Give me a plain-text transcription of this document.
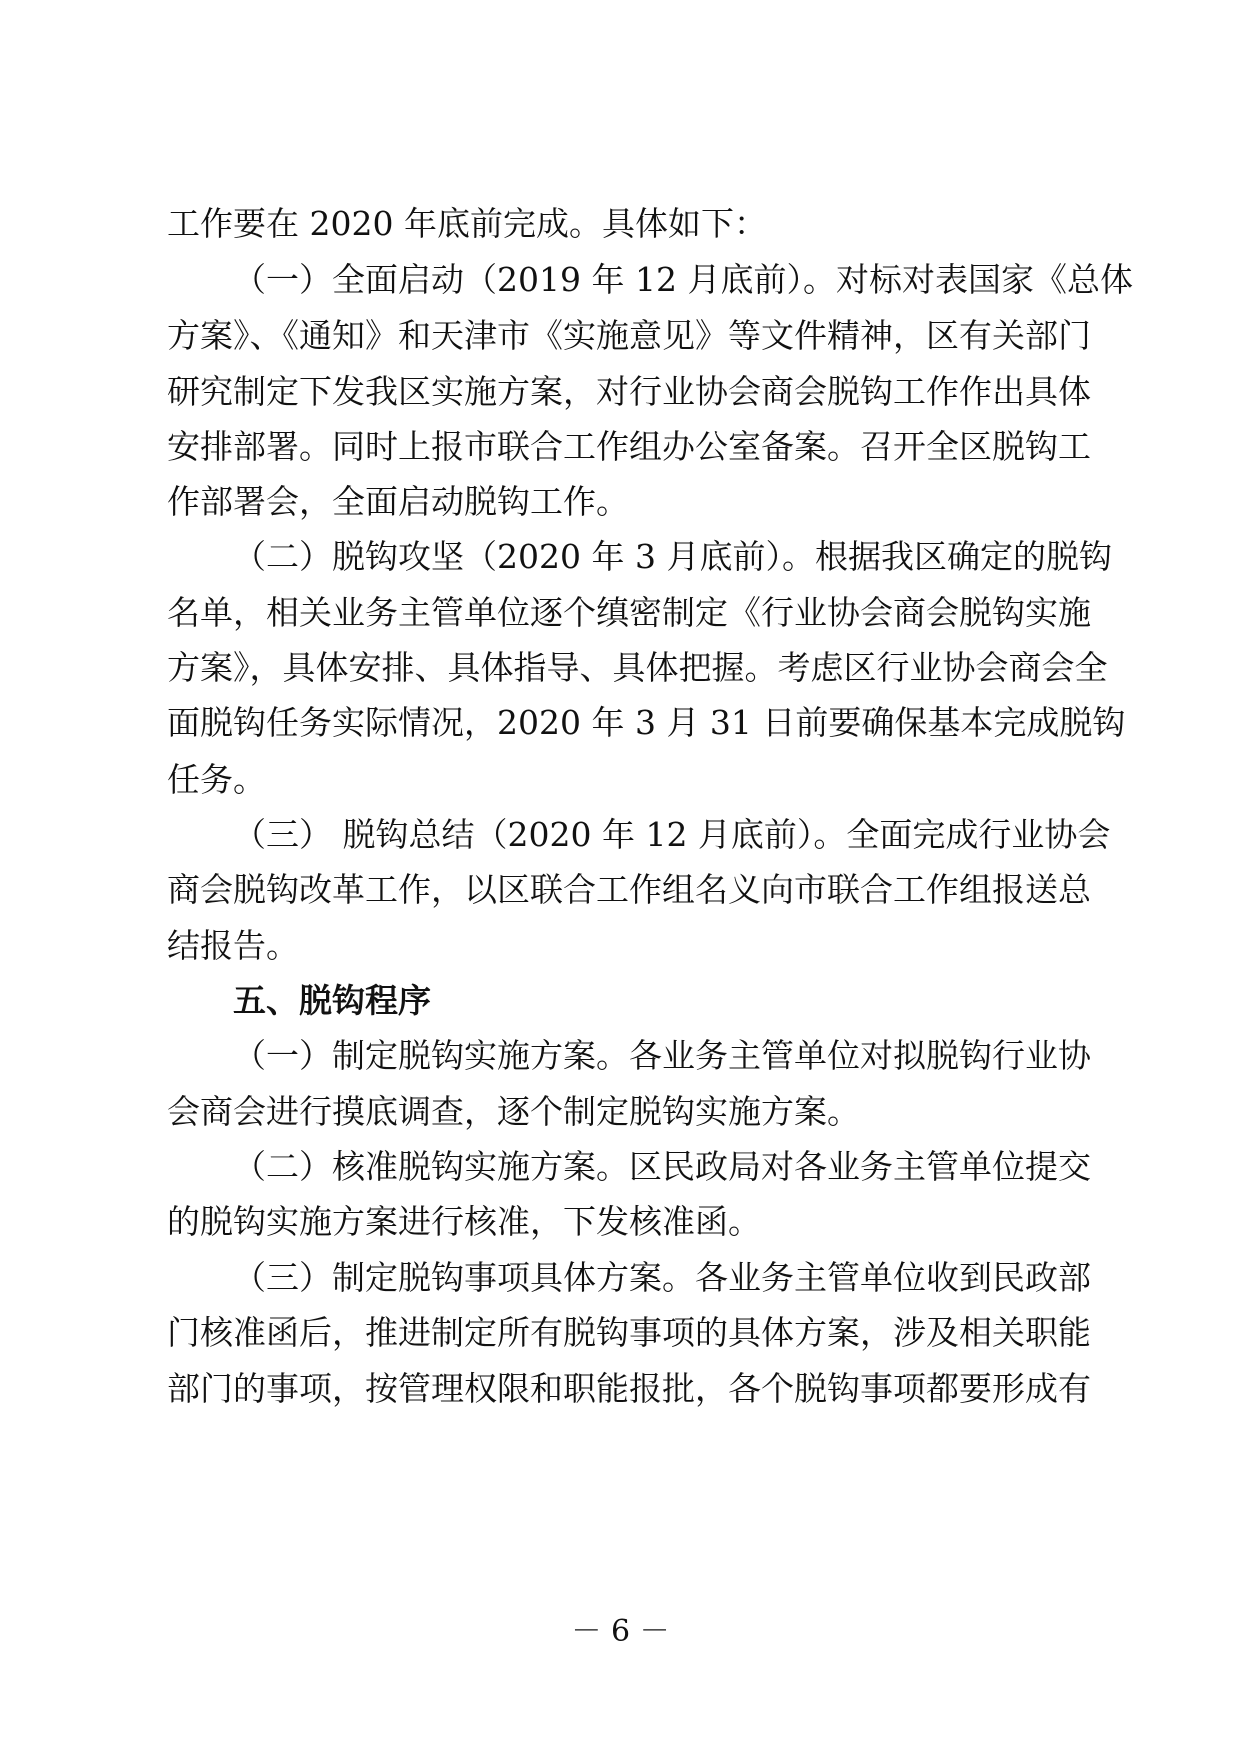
工作要在 2020 年底前完成。具体如下：
（一）全面启动（2019 年 12 月底前）。对标对表国家《总体
方案》、《通知》和天津市《实施意见》等文件精神，区有关部门
研究制定下发我区实施方案，对行业协会商会脱钩工作作出具体
安排部署。同时上报市联合工作组办公室备案。召开全区脱钩工
作部署会，全面启动脱钩工作。
（二）脱钩攻坚（2020 年 3 月底前）。根据我区确定的脱钩
名单，相关业务主管单位逐个缜密制定《行业协会商会脱钩实施
方案》，具体安排、具体指导、具体把握。考虑区行业协会商会全
面脱钩任务实际情况，2020 年 3 月 31 日前要确保基本完成脱钩
任务。
（三） 脱钩总结（2020 年 12 月底前）。全面完成行业协会
商会脱钩改革工作，以区联合工作组名义向市联合工作组报送总
结报告。
五、脱钩程序
（一）制定脱钩实施方案。各业务主管单位对拟脱钩行业协
会商会进行摸底调查，逐个制定脱钩实施方案。
（二）核准脱钩实施方案。区民政局对各业务主管单位提交
的脱钩实施方案进行核准，下发核准函。
（三）制定脱钩事项具体方案。各业务主管单位收到民政部
门核准函后，推进制定所有脱钩事项的具体方案，涉及相关职能
部门的事项，按管理权限和职能报批，各个脱钩事项都要形成有
－ 6 －
